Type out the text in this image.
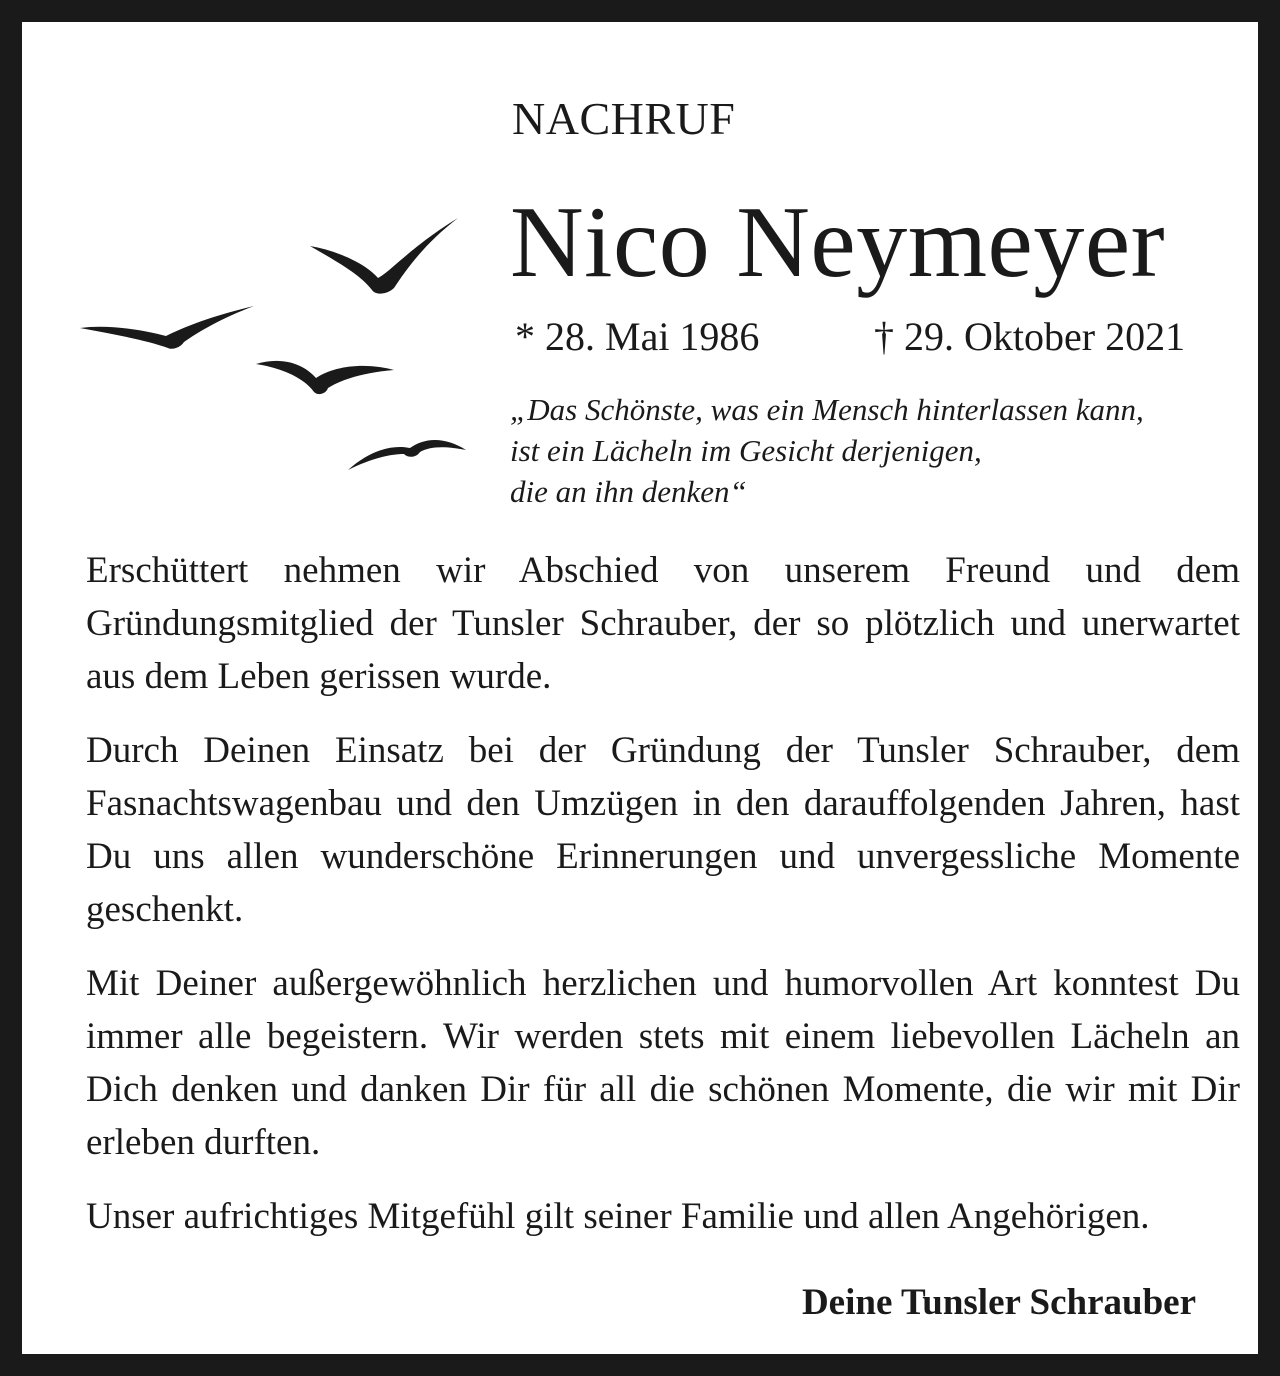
NACHRUF
Nico Neymeyer
* 28. Mai 1986	† 29. Oktober 2021
„Das Schönste, was ein Mensch hinterlassen kann,
ist ein Lächeln im Gesicht derjenigen,
die an ihn denken“

Erschüttert nehmen wir Abschied von unserem Freund und dem Gründungsmitglied der Tunsler Schrauber, der so plötzlich und unerwartet aus dem Leben gerissen wurde.

Durch Deinen Einsatz bei der Gründung der Tunsler Schrauber, dem Fasnachtswagenbau und den Umzügen in den darauffolgenden Jahren, hast Du uns allen wunderschöne Erinnerungen und unvergessliche Momente geschenkt.

Mit Deiner außergewöhnlich herzlichen und humorvollen Art konntest Du immer alle begeistern. Wir werden stets mit einem liebevollen Lächeln an Dich denken und danken Dir für all die schönen Momente, die wir mit Dir erleben durften.

Unser aufrichtiges Mitgefühl gilt seiner Familie und allen Angehörigen.

Deine Tunsler Schrauber
